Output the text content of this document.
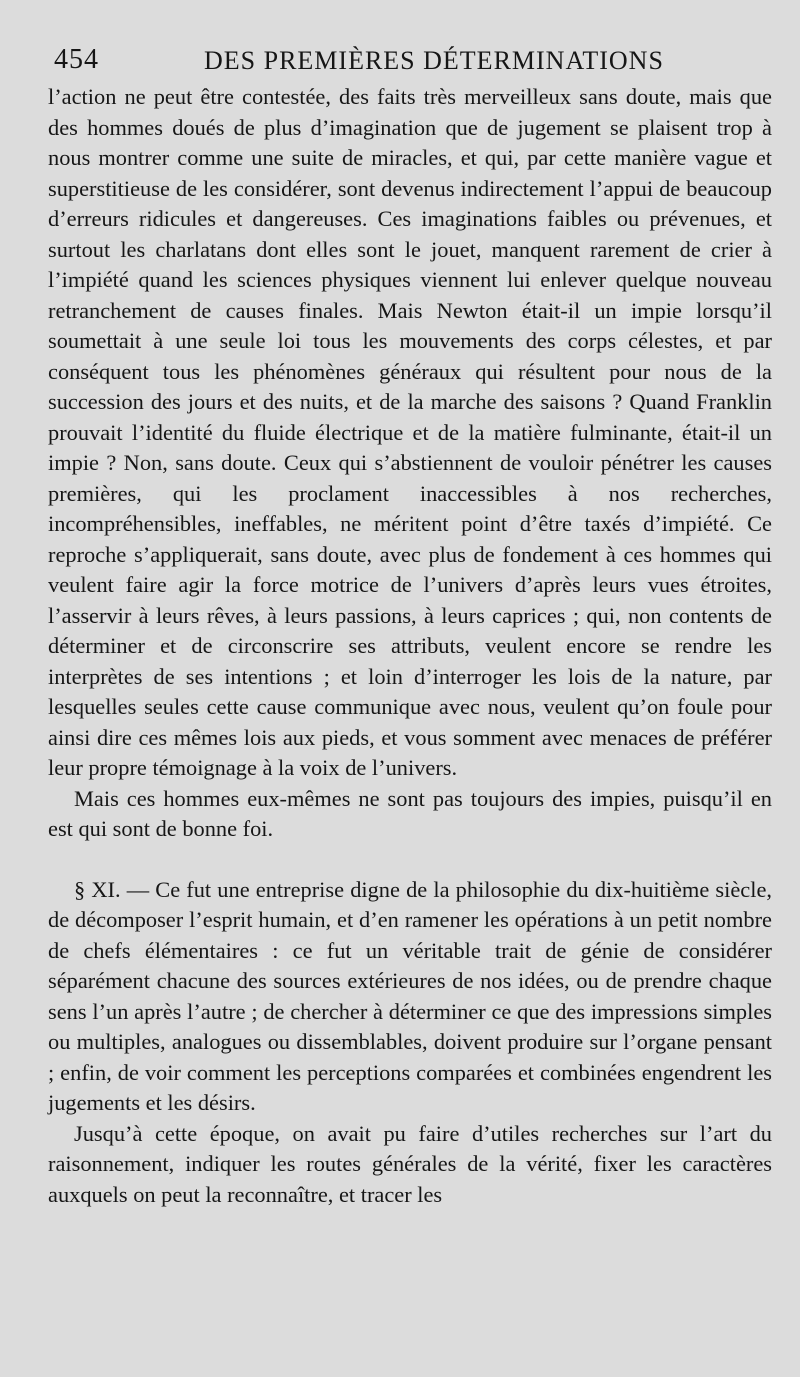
454	DES PREMIÈRES DÉTERMINATIONS

l’action ne peut être contestée, des faits très merveilleux sans doute, mais que des hommes doués de plus d’imagination que de jugement se plaisent trop à nous montrer comme une suite de miracles, et qui, par cette manière vague et superstitieuse de les considérer, sont devenus indirectement l’appui de beaucoup d’erreurs ridicules et dangereuses. Ces imaginations faibles ou prévenues, et surtout les charlatans dont elles sont le jouet, manquent rarement de crier à l’impiété quand les sciences physiques viennent lui enlever quelque nouveau retranchement de causes finales. Mais Newton était-il un impie lorsqu’il soumettait à une seule loi tous les mouvements des corps célestes, et par conséquent tous les phénomènes généraux qui résultent pour nous de la succession des jours et des nuits, et de la marche des saisons ? Quand Franklin prouvait l’identité du fluide électrique et de la matière fulminante, était-il un impie ? Non, sans doute. Ceux qui s’abstiennent de vouloir pénétrer les causes premières, qui les proclament inaccessibles à nos recherches, incompréhensibles, ineffables, ne méritent point d’être taxés d’impiété. Ce reproche s’appliquerait, sans doute, avec plus de fondement à ces hommes qui veulent faire agir la force motrice de l’univers d’après leurs vues étroites, l’asservir à leurs rêves, à leurs passions, à leurs caprices ; qui, non contents de déterminer et de circonscrire ses attributs, veulent encore se rendre les interprètes de ses intentions ; et loin d’interroger les lois de la nature, par lesquelles seules cette cause communique avec nous, veulent qu’on foule pour ainsi dire ces mêmes lois aux pieds, et vous somment avec menaces de préférer leur propre témoignage à la voix de l’univers.

Mais ces hommes eux-mêmes ne sont pas toujours des impies, puisqu’il en est qui sont de bonne foi.

§ XI. — Ce fut une entreprise digne de la philosophie du dix-huitième siècle, de décomposer l’esprit humain, et d’en ramener les opérations à un petit nombre de chefs élémentaires : ce fut un véritable trait de génie de considérer séparément chacune des sources extérieures de nos idées, ou de prendre chaque sens l’un après l’autre ; de chercher à déterminer ce que des impressions simples ou multiples, analogues ou dissemblables, doivent produire sur l’organe pensant ; enfin, de voir comment les perceptions comparées et combinées engendrent les jugements et les désirs.

Jusqu’à cette époque, on avait pu faire d’utiles recherches sur l’art du raisonnement, indiquer les routes générales de la vérité, fixer les caractères auxquels on peut la reconnaître, et tracer les
